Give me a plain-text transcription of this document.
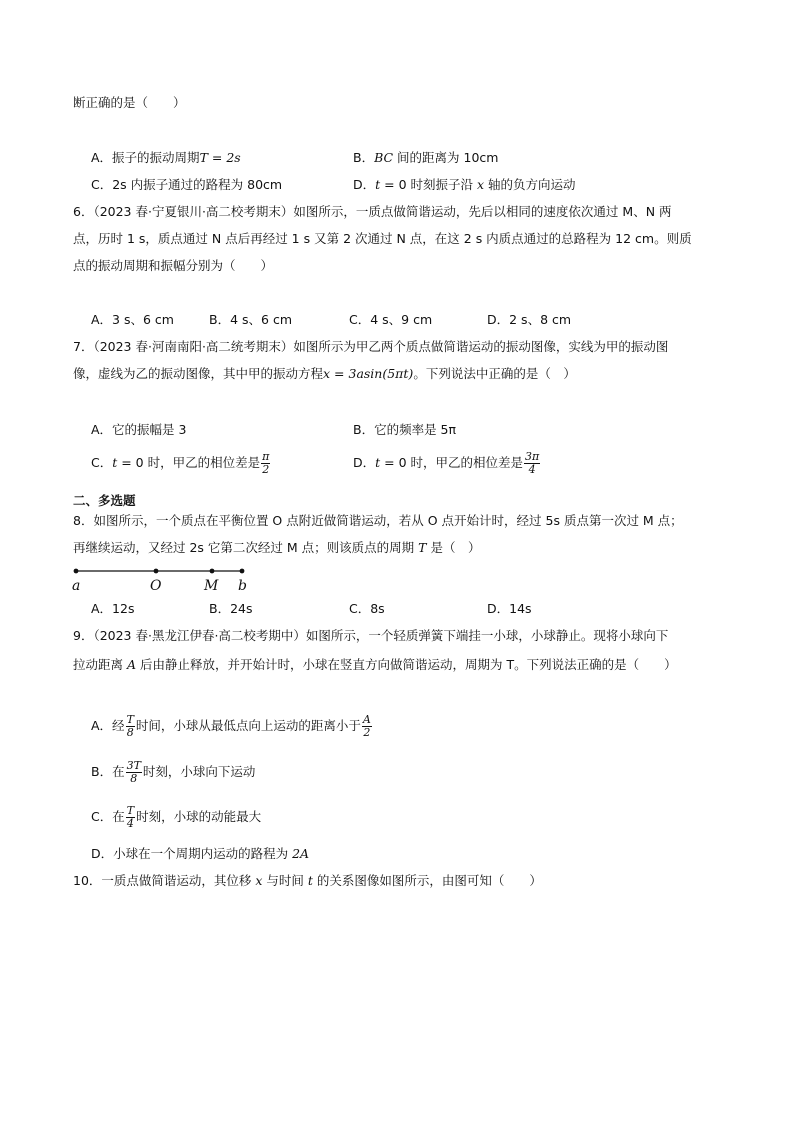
断正确的是（　　）
A．振子的振动周期T = 2s	B．BC 间的距离为 10cm
C．2s 内振子通过的路程为 80cm	D．t = 0 时刻振子沿 x 轴的负方向运动
6．（2023 春·宁夏银川·高二校考期末）如图所示，一质点做简谐运动，先后以相同的速度依次通过 M、N 两
点，历时 1 s，质点通过 N 点后再经过 1 s 又第 2 次通过 N 点，在这 2 s 内质点通过的总路程为 12 cm。则质
点的振动周期和振幅分别为（　　）
A．3 s、6 cm	B．4 s、6 cm	C．4 s、9 cm	D．2 s、8 cm
7．（2023 春·河南南阳·高二统考期末）如图所示为甲乙两个质点做简谐运动的振动图像，实线为甲的振动图
像，虚线为乙的振动图像，其中甲的振动方程x = 3asin(5πt)。下列说法中正确的是（　）
A．它的振幅是 3	B．它的频率是 5π
C．t = 0 时，甲乙的相位差是 $\frac{\pi}{2}$	D．t = 0 时，甲乙的相位差是 $\frac{3\pi}{4}$
二、多选题
8．如图所示，一个质点在平衡位置 O 点附近做简谐运动，若从 O 点开始计时，经过 5s 质点第一次过 M 点；
再继续运动，又经过 2s 它第二次经过 M 点；则该质点的周期 T 是（　）
a	O	M b
A．12s	B．24s	C．8s	D．14s
9．（2023 春·黑龙江伊春·高二校考期中）如图所示，一个轻质弹簧下端挂一小球，小球静止。现将小球向下
拉动距离 A 后由静止释放，并开始计时，小球在竖直方向做简谐运动，周期为 T。下列说法正确的是（　　）
A．经 $\frac{T}{8}$ 时间，小球从最低点向上运动的距离小于 $\frac{A}{2}$
B．在 $\frac{3T}{8}$ 时刻，小球向下运动
C．在 $\frac{T}{4}$ 时刻，小球的动能最大
D．小球在一个周期内运动的路程为 2A
10．一质点做简谐运动，其位移 x 与时间 t 的关系图像如图所示，由图可知（　　）
